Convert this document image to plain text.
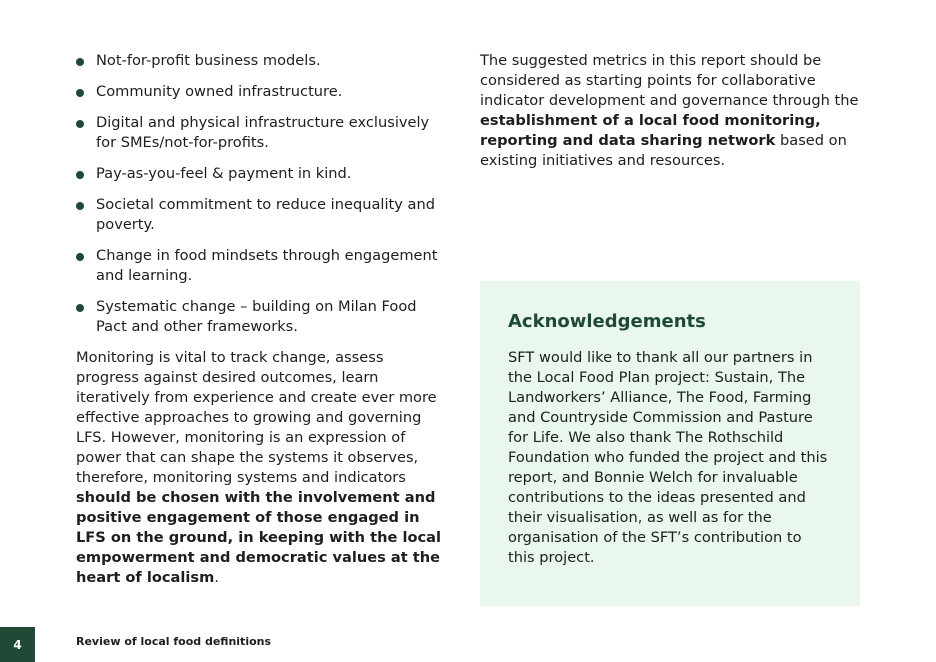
Not-for-profit business models.
Community owned infrastructure.
Digital and physical infrastructure exclusively for SMEs/not-for-profits.
Pay-as-you-feel & payment in kind.
Societal commitment to reduce inequality and poverty.
Change in food mindsets through engagement and learning.
Systematic change – building on Milan Food Pact and other frameworks.

Monitoring is vital to track change, assess progress against desired outcomes, learn iteratively from experience and create ever more effective approaches to growing and governing LFS. However, monitoring is an expression of power that can shape the systems it observes, therefore, monitoring systems and indicators should be chosen with the involvement and positive engagement of those engaged in LFS on the ground, in keeping with the local empowerment and democratic values at the heart of localism.

The suggested metrics in this report should be considered as starting points for collaborative indicator development and governance through the establishment of a local food monitoring, reporting and data sharing network based on existing initiatives and resources.

Acknowledgements

SFT would like to thank all our partners in the Local Food Plan project: Sustain, The Landworkers’ Alliance, The Food, Farming and Countryside Commission and Pasture for Life. We also thank The Rothschild Foundation who funded the project and this report, and Bonnie Welch for invaluable contributions to the ideas presented and their visualisation, as well as for the organisation of the SFT’s contribution to this project.

4	Review of local food definitions
